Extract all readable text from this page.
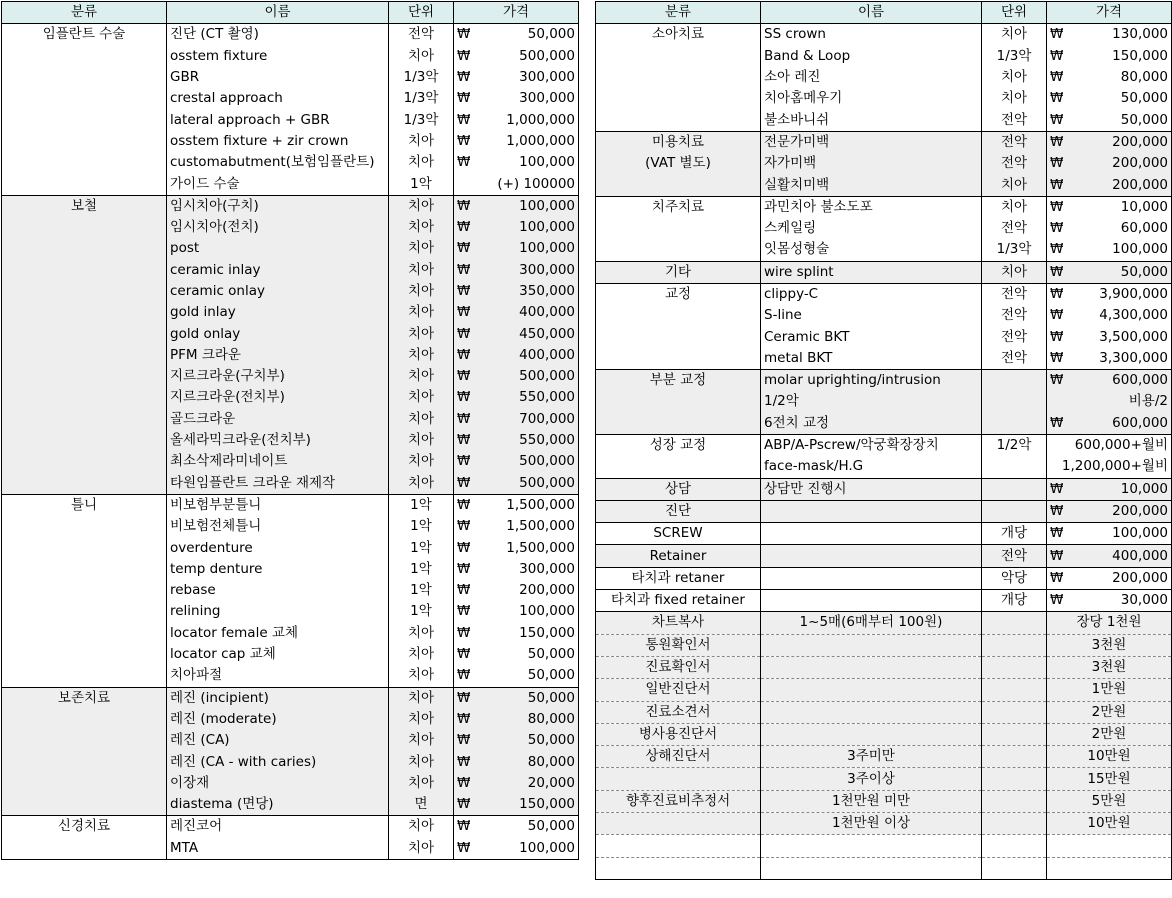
분류	이름	단위	가격
임플란트 수술	진단 (CT 촬영)	전악	₩ 50,000

	osstem fixture	치아	₩ 500,000

	GBR	1/3악	₩ 300,000

	crestal approach	1/3악	₩ 300,000

	lateral approach + GBR	1/3악	₩ 1,000,000

	osstem fixture + zir crown	치아	₩ 1,000,000

	customabutment(보험임플란트)	치아	₩ 100,000

	가이드 수술	1악	(+) 100000
보철	임시치아(구치)	치아	₩ 100,000

	임시치아(전치)	치아	₩ 100,000

	post	치아	₩ 100,000

	ceramic inlay	치아	₩ 300,000

	ceramic onlay	치아	₩ 350,000

	gold inlay	치아	₩ 400,000

	gold onlay	치아	₩ 450,000

	PFM 크라운	치아	₩ 400,000

	지르크라운(구치부)	치아	₩ 500,000

	지르크라운(전치부)	치아	₩ 550,000

	골드크라운	치아	₩ 700,000

	올세라믹크라운(전치부)	치아	₩ 550,000

	최소삭제라미네이트	치아	₩ 500,000

	타원임플란트 크라운 재제작	치아	₩ 500,000

틀니	비보험부분틀니	1악	₩ 1,500,000

	비보험전체틀니	1악	₩ 1,500,000

	overdenture	1악	₩ 1,500,000

	temp denture	1악	₩ 300,000

	rebase	1악	₩ 200,000

	relining	1악	₩ 100,000

	locator female 교체	치아	₩ 150,000

	locator cap 교체	치아	₩ 50,000

	치아파절	치아	₩ 50,000

보존치료	레진 (incipient)	치아	₩ 50,000

	레진 (moderate)	치아	₩ 80,000

	레진 (CA)	치아	₩ 50,000

	레진 (CA - with caries)	치아	₩ 80,000

	이장재	치아	₩ 20,000

	diastema (면당)	면	₩ 150,000

신경치료	레진코어	치아	₩ 50,000

	MTA	치아	₩ 100,000
분류	이름	단위	가격
소아치료	SS crown	치아	₩ 130,000

	Band & Loop	1/3악	₩ 150,000

	소아 레진	치아	₩ 80,000

	치아홈메우기	치아	₩ 50,000

	불소바니쉬	전악	₩ 50,000

미용치료	전문가미백	전악	₩ 200,000

(VAT 별도)	자가미백	전악	₩ 200,000

	실활치미백	치아	₩ 200,000

치주치료	과민치아 불소도포	치아	₩ 10,000

	스케일링	전악	₩ 60,000

	잇몸성형술	1/3악	₩ 100,000

기타	wire splint	치아	₩ 50,000

교정	clippy-C	전악	₩ 3,900,000

	S-line	전악	₩ 4,300,000

	Ceramic BKT	전악	₩ 3,500,000

	metal BKT	전악	₩ 3,300,000

부분 교정	molar uprighting/intrusion		₩ 600,000

	1/2악		비용/2
	6전치 교정		₩ 600,000

성장 교정	ABP/A-Pscrew/악궁확장장치	1/2악	600,000+월비
	face-mask/H.G		1,200,000+월비
상담	상담만 진행시		₩ 10,000

진단			₩ 200,000

SCREW		개당	₩ 100,000

Retainer		전악	₩ 400,000

타치과 retaner		악당	₩ 200,000

타치과 fixed retainer		개당	₩ 30,000

차트복사	1~5매(6매부터 100원)		장당 1천원
통원확인서			3천원
진료확인서			3천원
일반진단서			1만원
진료소견서			2만원
병사용진단서			2만원
상해진단서	3주미만		10만원
	3주이상		15만원
향후진료비추정서	1천만원 미만		5만원
	1천만원 이상		10만원
